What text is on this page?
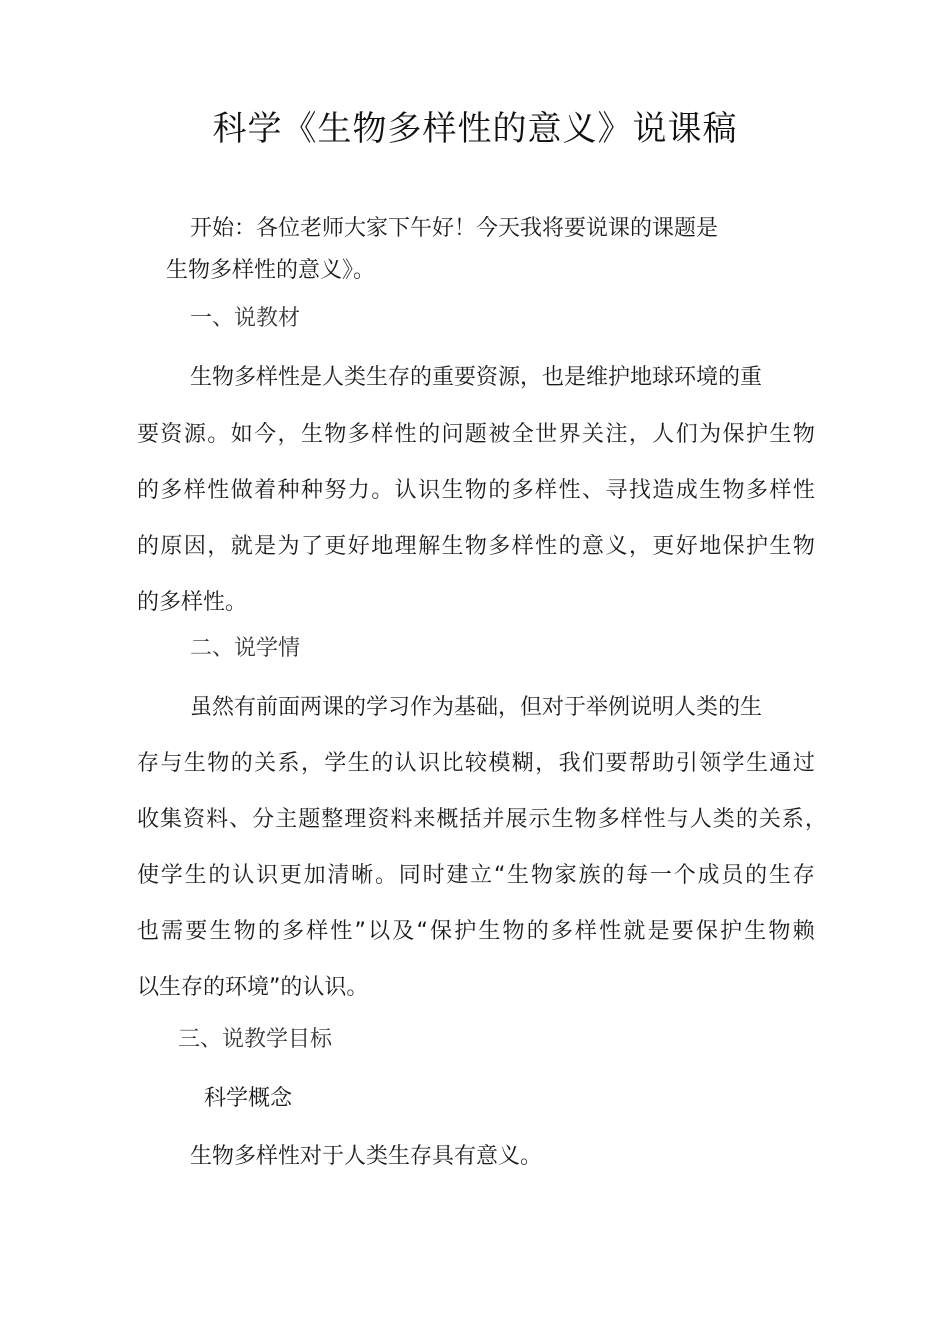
科学《生物多样性的意义》说课稿
开始：各位老师大家下午好！今天我将要说课的课题是
生物多样性的意义》。
一、说教材
生物多样性是人类生存的重要资源，也是维护地球环境的重
要 资 源 。 如 今 ， 生 物 多 样 性 的 问 题 被 全 世 界 关 注 ， 人 们 为 保 护 生 物
的 多 样 性 做 着 种 种 努 力 。 认 识 生 物 的 多 样 性 、 寻 找 造 成 生 物 多 样 性
的 原 因 ， 就 是 为 了 更 好 地 理 解 生 物 多 样 性 的 意 义 ， 更 好 地 保 护 生 物
的多样性。
二、说学情
虽然有前面两课的学习作为基础，但对于举例说明人类的生
存 与 生 物 的 关 系 ， 学 生 的 认 识 比 较 模 糊 ， 我 们 要 帮 助 引 领 学 生 通 过
收 集 资 料 、 分 主 题 整 理 资 料 来 概 括 并 展 示 生 物 多 样 性 与 人 类 的 关 系 ，
使 学 生 的 认 识 更 加 清 晰 。 同 时 建 立 “ 生 物 家 族 的 每 一 个 成 员 的 生 存
也 需 要 生 物 的 多 样 性 ” 以 及 “ 保 护 生 物 的 多 样 性 就 是 要 保 护 生 物 赖
以生存的环境”的认识。
三、说教学目标
科学概念
生物多样性对于人类生存具有意义。
